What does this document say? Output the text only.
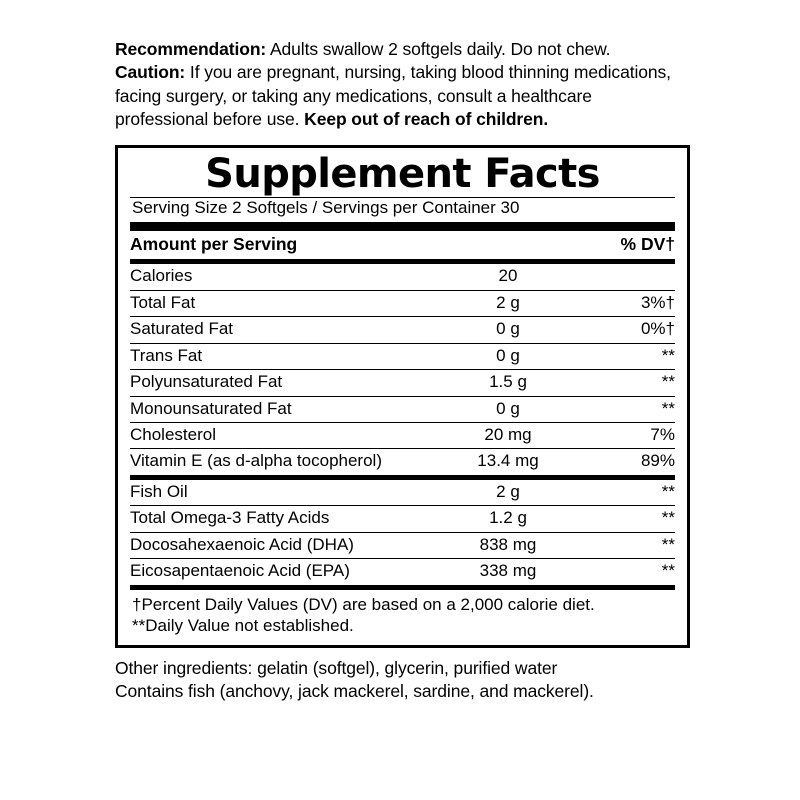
Recommendation: Adults swallow 2 softgels daily. Do not chew.

Caution: If you are pregnant, nursing, taking blood thinning medications, facing surgery, or taking any medications, consult a healthcare professional before use. Keep out of reach of children.

Supplement Facts
Serving Size 2 Softgels / Servings per Container 30
Amount per Serving		% DV†
Calories	20	
Total Fat	2 g	3%†
Saturated Fat	0 g	0%†
Trans Fat	0 g	**
Polyunsaturated Fat	1.5 g	**
Monounsaturated Fat	0 g	**
Cholesterol	20 mg	7%
Vitamin E (as d-alpha tocopherol)	13.4 mg	89%
Fish Oil	2 g	**
Total Omega-3 Fatty Acids	1.2 g	**
Docosahexaenoic Acid (DHA)	838 mg	**
Eicosapentaenoic Acid (EPA)	338 mg	**
†Percent Daily Values (DV) are based on a 2,000 calorie diet.
**Daily Value not established.

Other ingredients: gelatin (softgel), glycerin, purified water

Contains fish (anchovy, jack mackerel, sardine, and mackerel).
